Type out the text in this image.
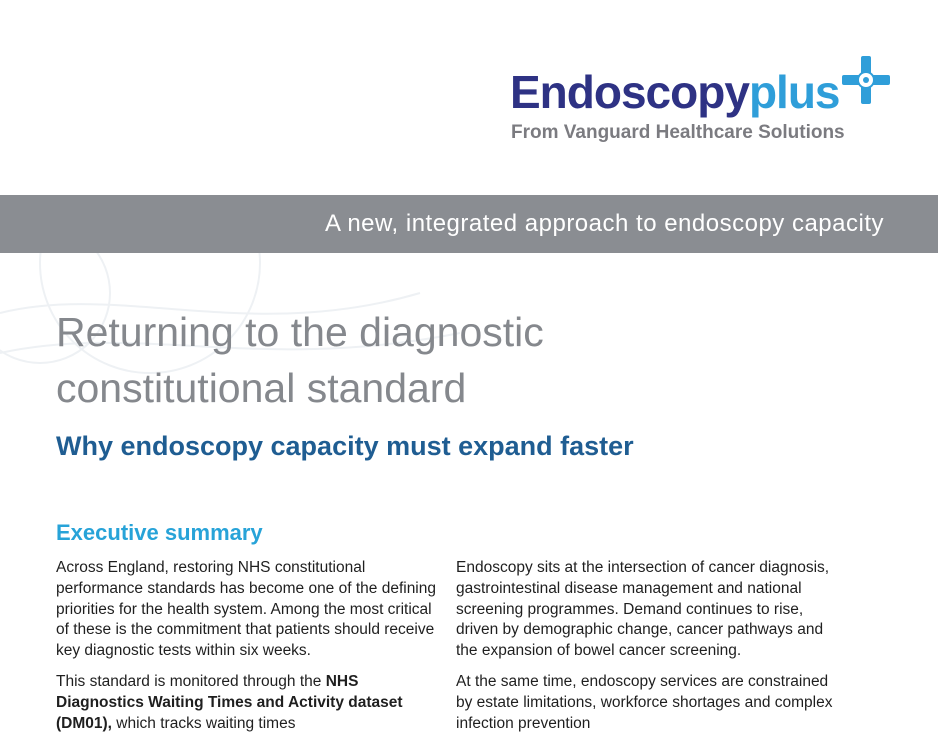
Endoscopyplus
From Vanguard Healthcare Solutions
A new, integrated approach to endoscopy capacity
Returning to the diagnostic
constitutional standard
Why endoscopy capacity must expand faster
Executive summary

Across England, restoring NHS constitutional performance standards has become one of the defining priorities for the health system. Among the most critical of these is the commitment that patients should receive key diagnostic tests within six weeks.

This standard is monitored through the NHS Diagnostics Waiting Times and Activity dataset (DM01), which tracks waiting times

Endoscopy sits at the intersection of cancer diagnosis, gastrointestinal disease management and national screening programmes. Demand continues to rise, driven by demographic change, cancer pathways and the expansion of bowel cancer screening.

At the same time, endoscopy services are constrained by estate limitations, workforce shortages and complex infection prevention
